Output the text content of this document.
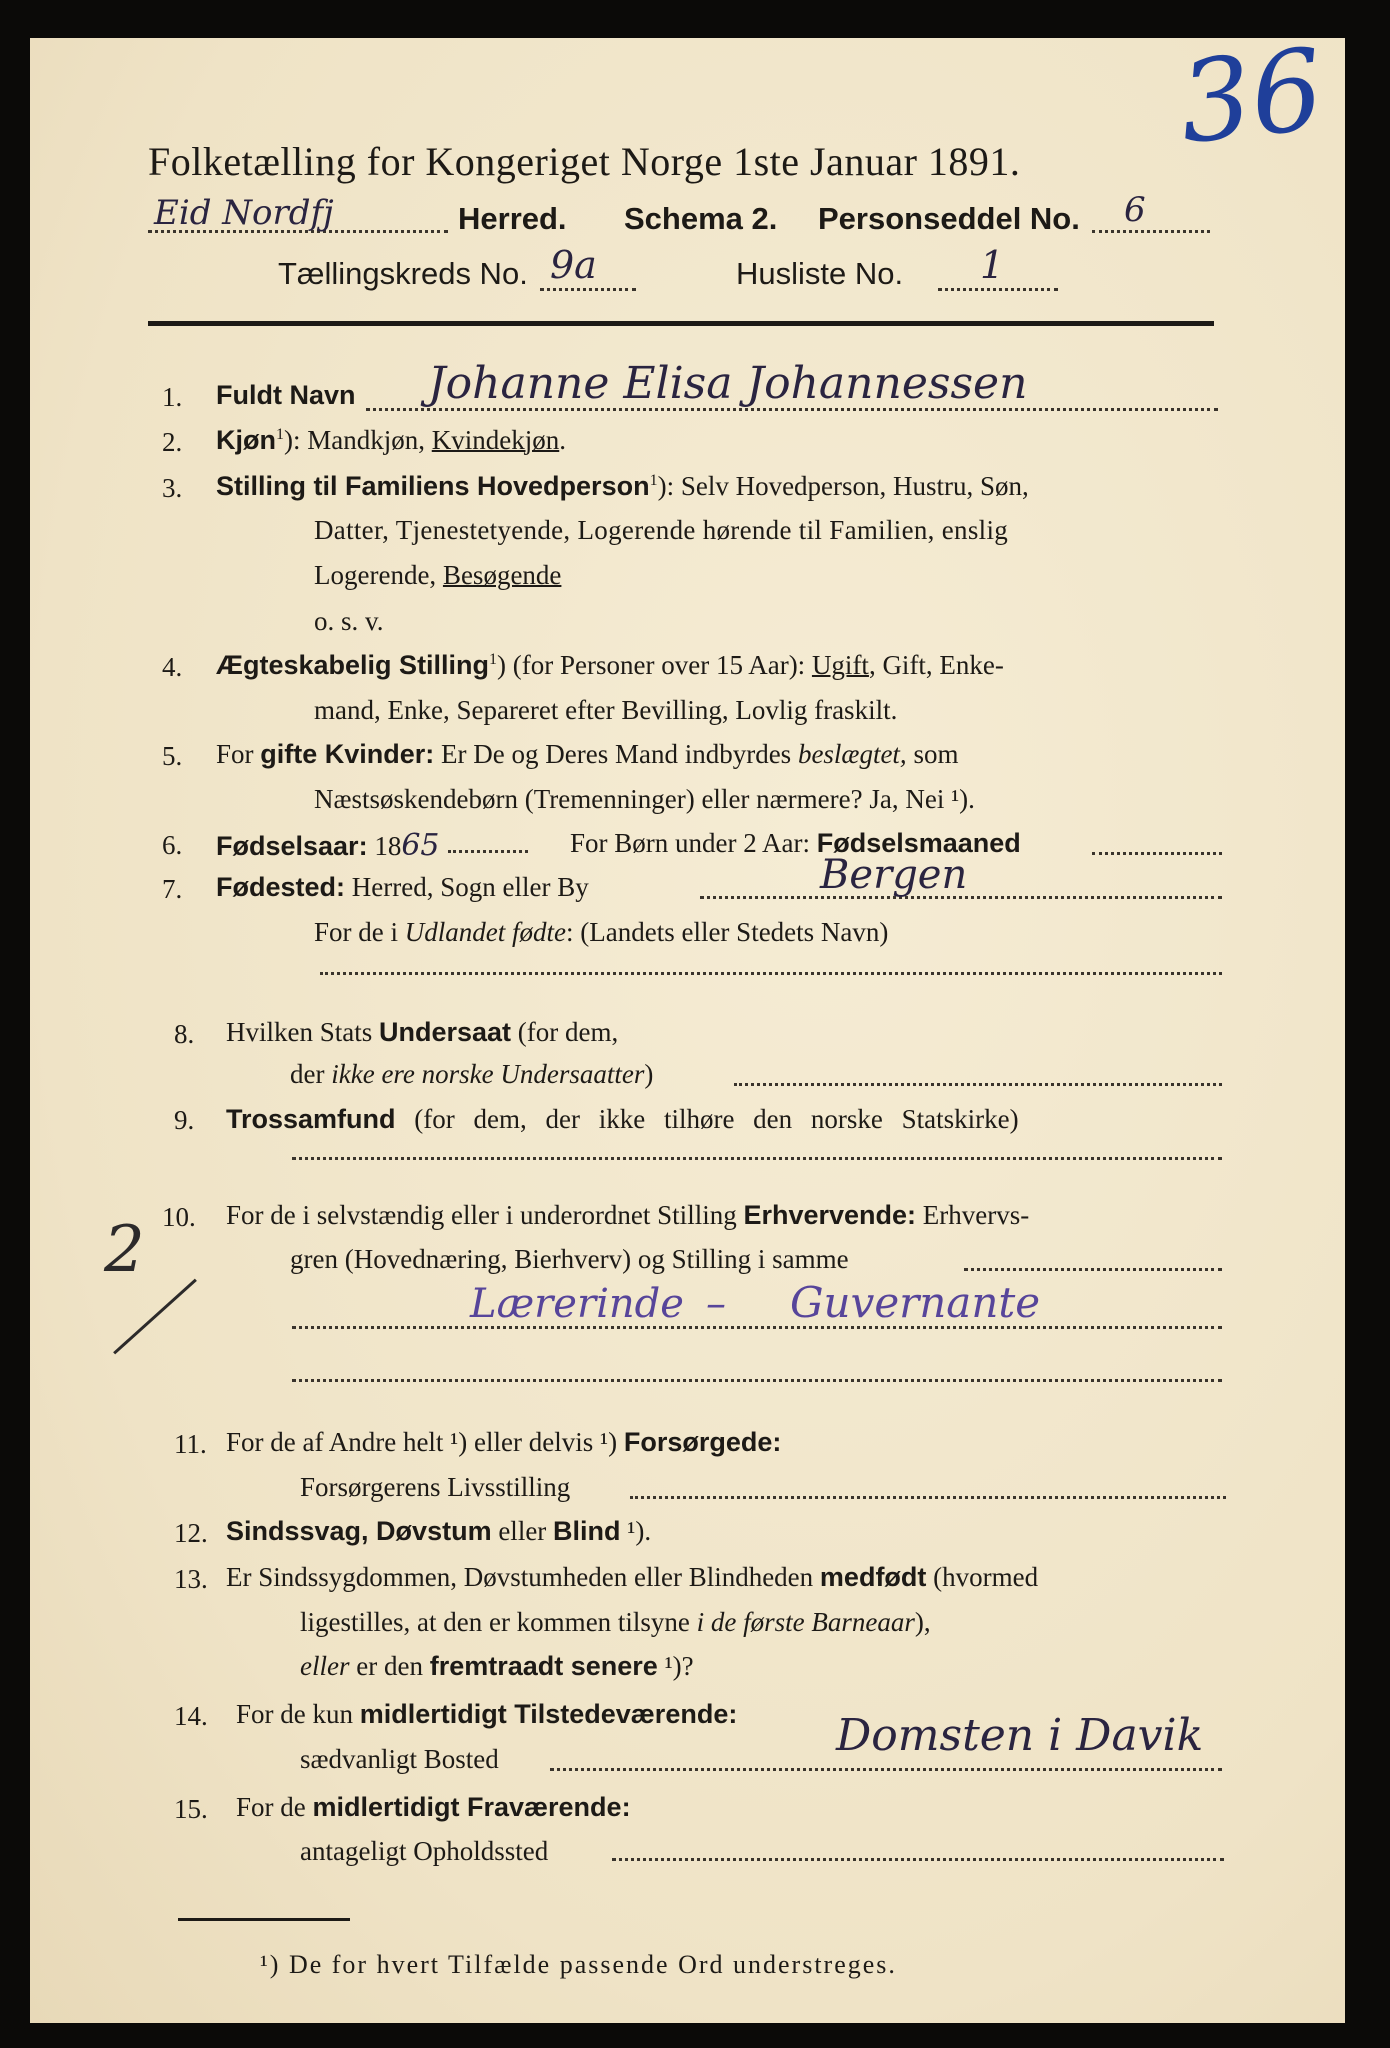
36
Folketælling for Kongeriget Norge 1ste Januar 1891.
Eid Nordfj	Herred. Schema 2. Personseddel No. 6
Tællingskreds No. 9a	Husliste No. 1
1. Fuldt Navn Johanne Elisa Johannessen
2. Kjøn$^1$): Mandkjøn, Kvindekjøn.
3. Stilling til Familiens Hovedperson$^1$): Selv Hovedperson, Hustru, Søn,
Datter, Tjenestetyende, Logerende hørende til Familien, enslig
Logerende, Besøgende
o. s. v.
4. Ægteskabelig Stilling$^1$) (for Personer over 15 Aar): Ugift, Gift, Enke-
mand, Enke, Separeret efter Bevilling, Lovlig fraskilt.
5. For gifte Kvinder: Er De og Deres Mand indbyrdes beslægtet, som
Næstsøskendebørn (Tremenninger) eller nærmere? Ja, Nei ¹).
6. Fødselsaar: 1865	For Børn under 2 Aar: Fødselsmaaned
7. Fødested: Herred, Sogn eller By	Bergen
For de i Udlandet fødte: (Landets eller Stedets Navn)
8. Hvilken Stats Undersaat (for dem,
der ikke ere norske Undersaatter)
9. Trossamfund (for dem, der ikke tilhøre den norske Statskirke)
10. For de i selvstændig eller i underordnet Stilling Erhvervende: Erhvervs-
gren (Hovednæring, Bierhverv) og Stilling i samme
Lærerinde – Guvernante
2
11. For de af Andre helt ¹) eller delvis ¹) Forsørgede:
Forsørgerens Livsstilling
12. Sindssvag, Døvstum eller Blind ¹).
13. Er Sindssygdommen, Døvstumheden eller Blindheden medfødt (hvormed
ligestilles, at den er kommen tilsyne i de første Barneaar),
eller er den fremtraadt senere ¹)?
14. For de kun midlertidigt Tilstedeværende:
sædvanligt Bosted	Domsten i Davik
15. For de midlertidigt Fraværende:
antageligt Opholdssted
¹) De for hvert Tilfælde passende Ord understreges.
